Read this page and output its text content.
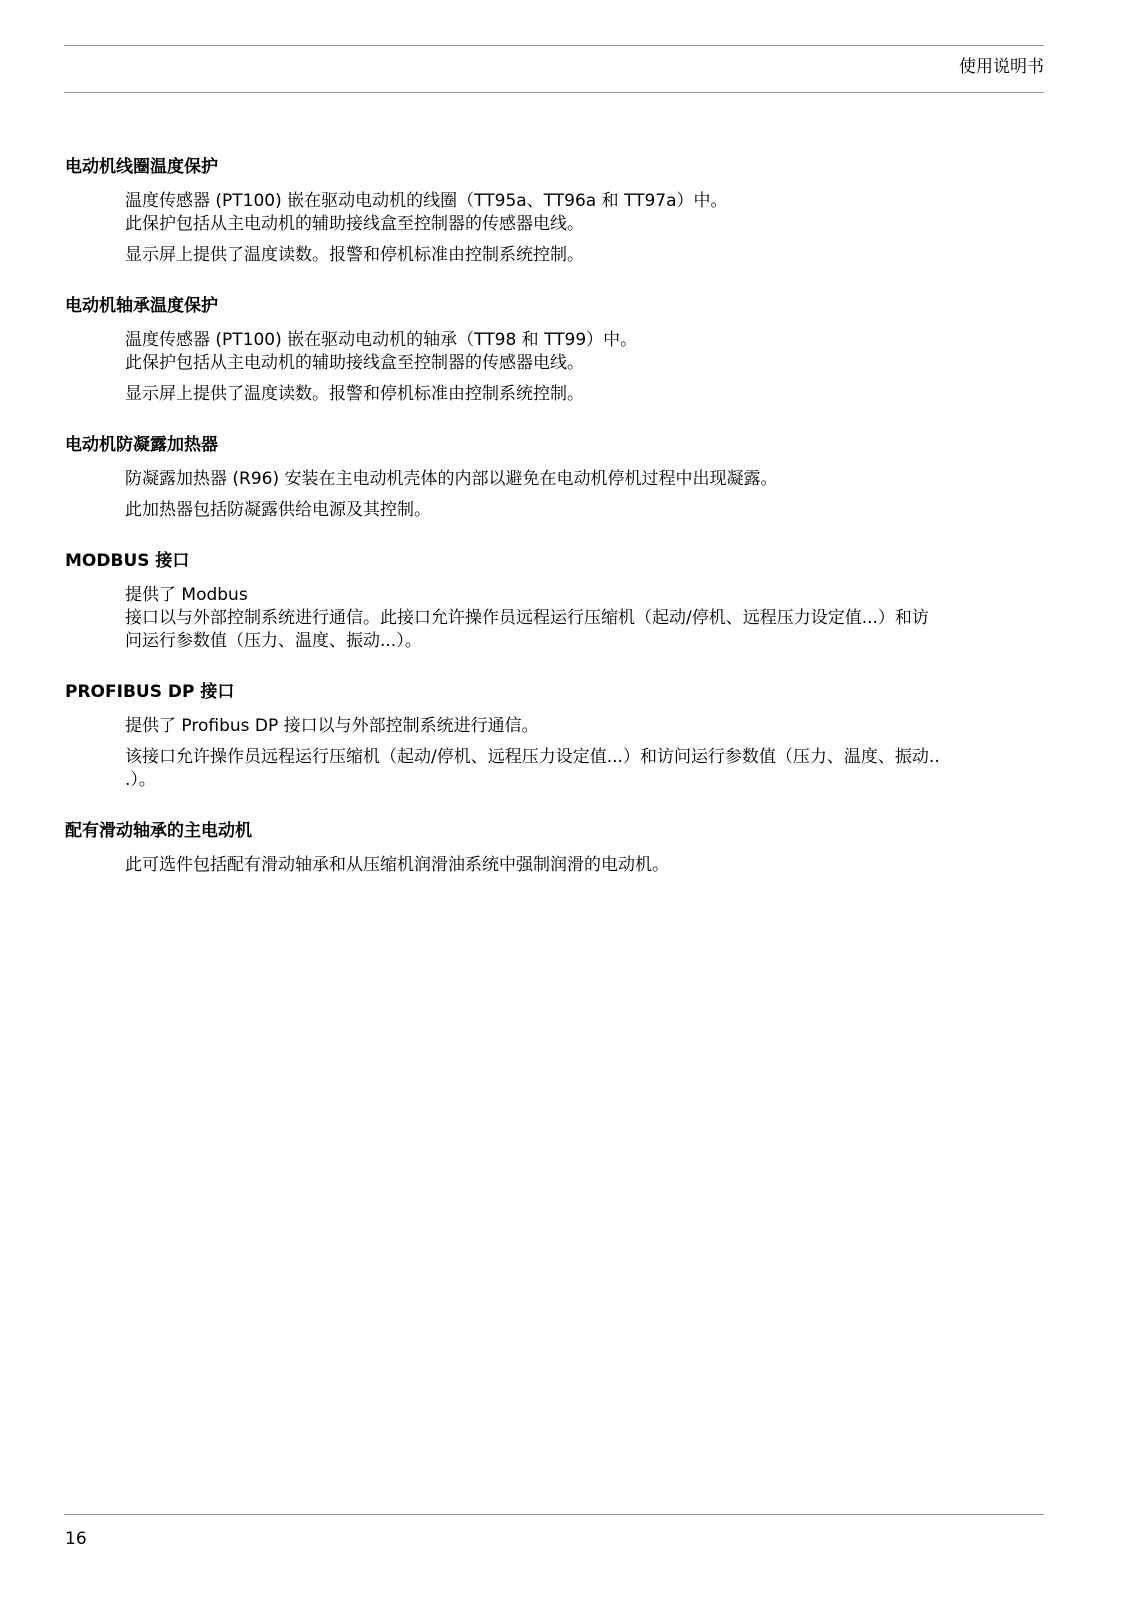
使用说明书
电动机线圈温度保护
温度传感器 (PT100) 嵌在驱动电动机的线圈（TT95a、TT96a 和 TT97a）中。
此保护包括从主电动机的辅助接线盒至控制器的传感器电线。
显示屏上提供了温度读数。报警和停机标准由控制系统控制。
电动机轴承温度保护
温度传感器 (PT100) 嵌在驱动电动机的轴承（TT98 和 TT99）中。
此保护包括从主电动机的辅助接线盒至控制器的传感器电线。
显示屏上提供了温度读数。报警和停机标准由控制系统控制。
电动机防凝露加热器
防凝露加热器 (R96) 安装在主电动机壳体的内部以避免在电动机停机过程中出现凝露。
此加热器包括防凝露供给电源及其控制。
MODBUS 接口
提供了 Modbus
接口以与外部控制系统进行通信。此接口允许操作员远程运行压缩机（起动/停机、远程压力设定值...）和访
问运行参数值（压力、温度、振动...）。
PROFIBUS DP 接口
提供了 Profibus DP 接口以与外部控制系统进行通信。
该接口允许操作员远程运行压缩机（起动/停机、远程压力设定值...）和访问运行参数值（压力、温度、振动..
.）。
配有滑动轴承的主电动机
此可选件包括配有滑动轴承和从压缩机润滑油系统中强制润滑的电动机。
16
